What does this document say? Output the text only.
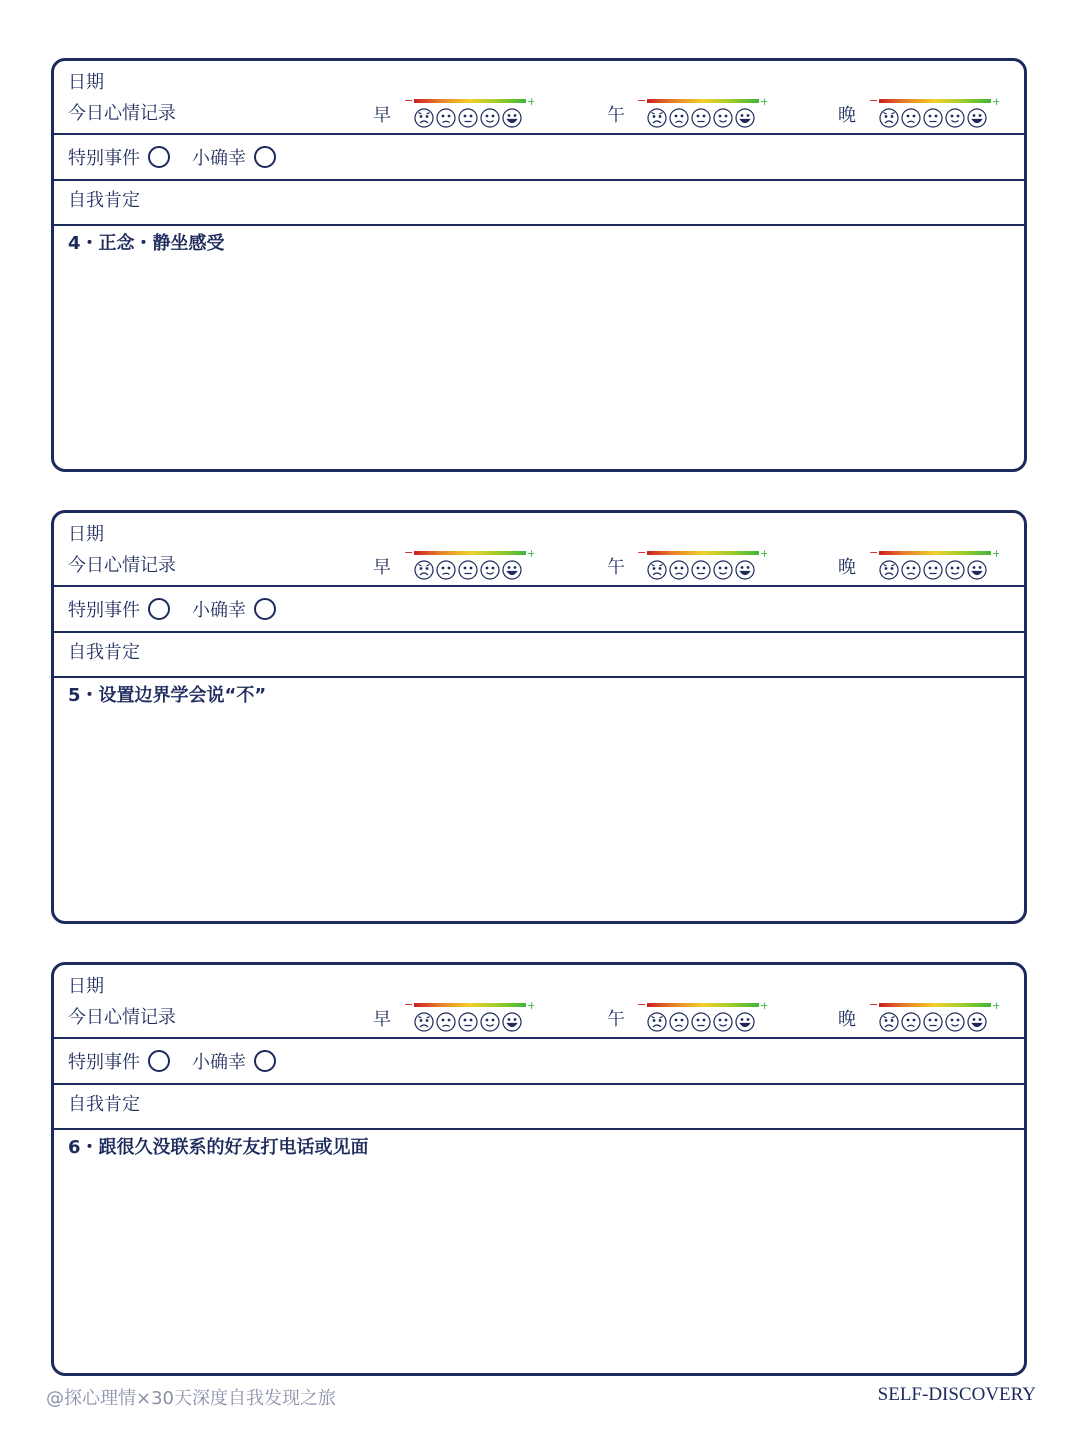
日期
今日心情记录	早	午	晚
特别事件	小确幸
自我肯定
4・正念・静坐感受
日期
今日心情记录	早	午	晚
特别事件	小确幸
自我肯定
5・设置边界学会说“不”
日期
今日心情记录	早	午	晚
特别事件	小确幸
自我肯定
6・跟很久没联系的好友打电话或见面
@探心理情×30天深度自我发现之旅	SELF-DISCOVERY
